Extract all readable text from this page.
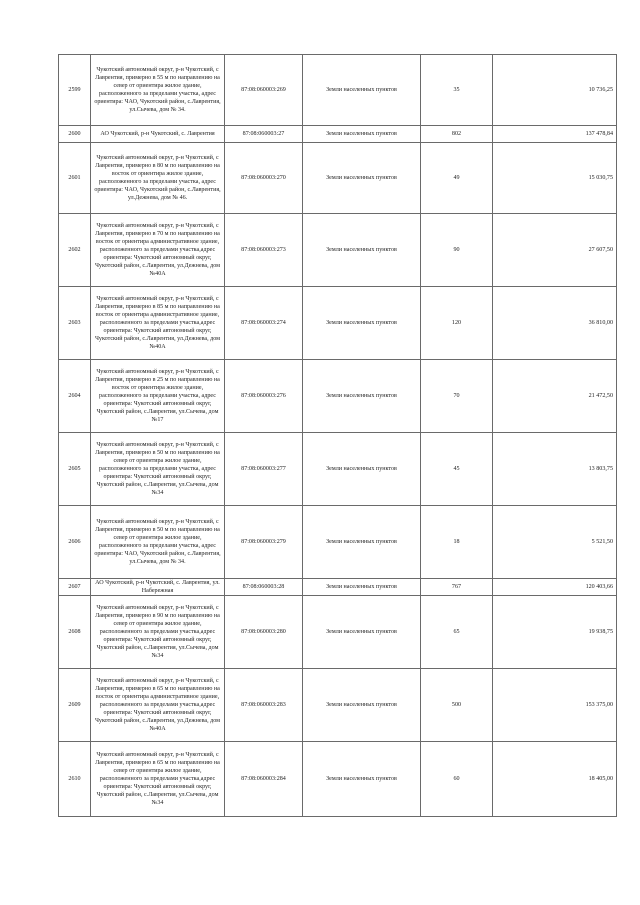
2599	Чукотский автономный округ, р-н Чукотский, с Лаврентия, примерно в 55 м по направлению на север от ориентира жилое здание, расположенного за пределами участка, адрес ориентира: ЧАО, Чукотский район, с.Лаврентия, ул.Сычева, дом № 34.	87:08:060003:269	Земли населенных пунктов	35	10 736,25
2600	АО Чукотский, р-н Чукотский, с. Лаврентия	87:08:060003:27	Земли населенных пунктов	802	137 478,84
2601	Чукотский автономный округ, р-н Чукотский, с Лаврентия, примерно в 80 м по направлению на восток от ориентира жилое здание, расположенного за пределами участка, адрес ориентира: ЧАО, Чукотский район, с.Лаврентия, ул.Дежнева, дом № 46.	87:08:060003:270	Земли населенных пунктов	49	15 030,75
2602	Чукотский автономный округ, р-н Чукотский, с Лаврентия, примерно в 70 м по направлению на восток от ориентира административное здание, расположенного за пределами участка,адрес ориентира: Чукотский автономный округ, Чукотский район, с.Лаврентия, ул.Дежнева, дом №40А	87:08:060003:273	Земли населенных пунктов	90	27 607,50
2603	Чукотский автономный округ, р-н Чукотский, с Лаврентия, примерно в 85 м по направлению на восток от ориентира административное здание, расположенного за пределами участка,адрес ориентира: Чукотский автономный округ, Чукотский район, с.Лаврентия, ул.Дежнева, дом №40А	87:08:060003:274	Земли населенных пунктов	120	36 810,00
2604	Чукотский автономный округ, р-н Чукотский, с Лаврентия, примерно в 25 м по направлению на восток от ориентира жилое здание, расположенного за пределами участка, адрес ориентира: Чукотский автономный округ, Чукотский район, с.Лаврентия, ул.Сычева, дом №17	87:08:060003:276	Земли населенных пунктов	70	21 472,50
2605	Чукотский автономный округ, р-н Чукотский, с Лаврентия, примерно в 50 м по направлению на север от ориентира жилое здание, расположенного за пределами участка, адрес ориентира: Чукотский автономный округ, Чукотский район, с.Лаврентия, ул.Сычева, дом №34	87:08:060003:277	Земли населенных пунктов	45	13 803,75
2606	Чукотский автономный округ, р-н Чукотский, с Лаврентия, примерно в 50 м по направлению на север от ориентира жилое здание, расположенного за пределами участка, адрес ориентира: ЧАО, Чукотский район, с.Лаврентия, ул.Сычева, дом № 34.	87:08:060003:279	Земли населенных пунктов	18	5 521,50
2607	АО Чукотский, р-н Чукотский, с. Лаврентия, ул. Набережная	87:08:060003:28	Земли населенных пунктов	767	120 403,66
2608	Чукотский автономный округ, р-н Чукотский, с Лаврентия, примерно в 90 м по направлению на север от ориентира жилое здание, расположенного за пределами участка,адрес ориентира: Чукотский автономный округ, Чукотский район, с.Лаврентия, ул.Сычева, дом №34	87:08:060003:280	Земли населенных пунктов	65	19 938,75
2609	Чукотский автономный округ, р-н Чукотский, с Лаврентия, примерно в 65 м по направлению на восток от ориентира административное здание, расположенного за пределами участка,адрес ориентира: Чукотский автономный округ, Чукотский район, с.Лаврентия, ул.Дежнева, дом №40А	87:08:060003:283	Земли населенных пунктов	500	153 375,00
2610	Чукотский автономный округ, р-н Чукотский, с Лаврентия, примерно в 65 м по направлению на север от ориентира жилое здание, расположенного за пределами участка,адрес ориентира: Чукотский автономный округ, Чукотский район, с.Лаврентия, ул.Сычева, дом №34	87:08:060003:284	Земли населенных пунктов	60	18 405,00
